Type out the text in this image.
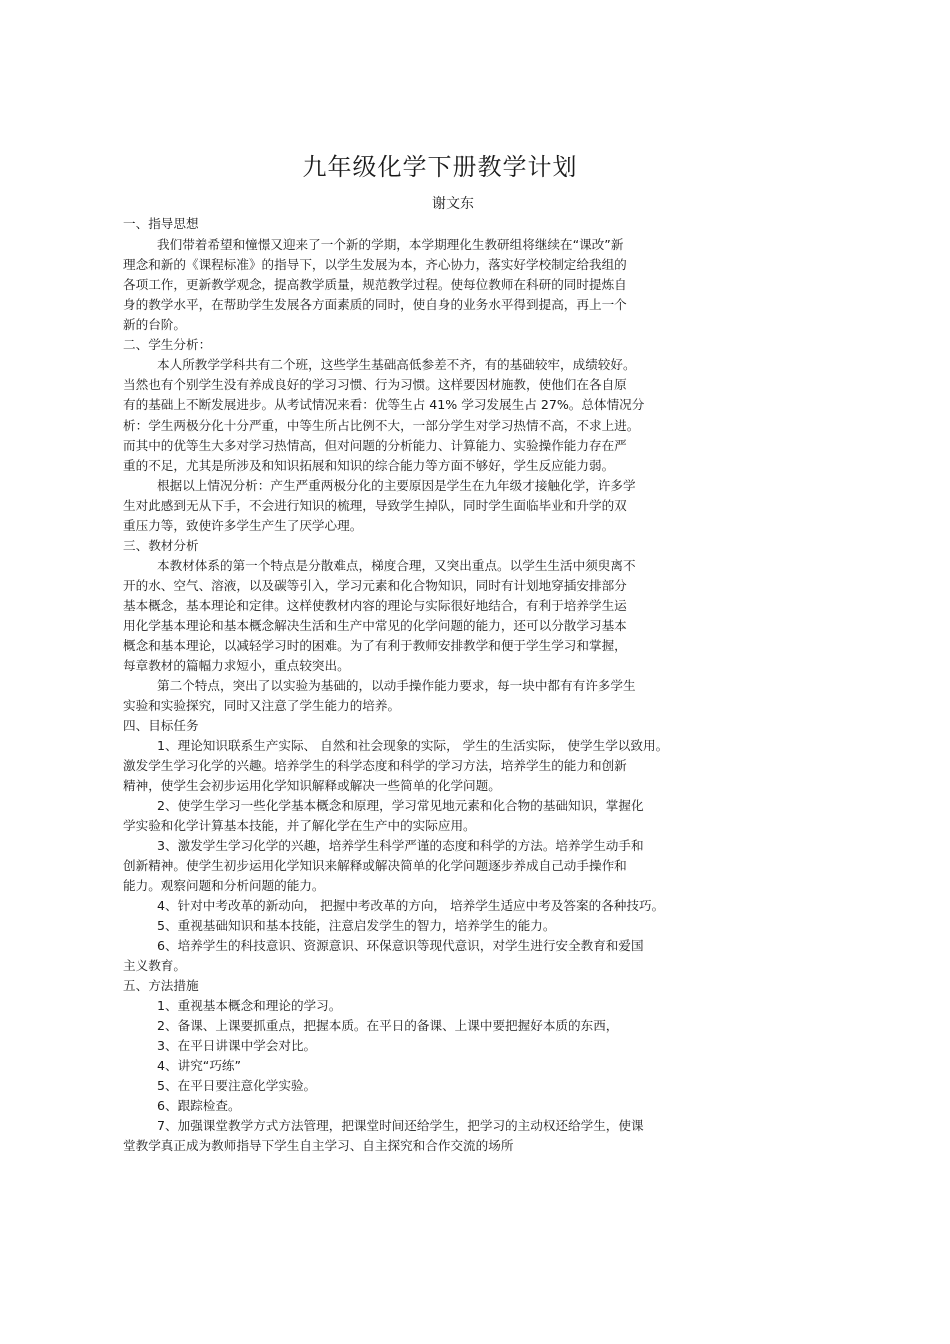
九年级化学下册教学计划
谢文东
一、指导思想
我们带着希望和憧憬又迎来了一个新的学期，本学期理化生教研组将继续在“课改”新
理念和新的《课程标准》的指导下，以学生发展为本，齐心协力，落实好学校制定给我组的
各项工作，更新教学观念，提高教学质量，规范教学过程。使每位教师在科研的同时提炼自
身的教学水平，在帮助学生发展各方面素质的同时，使自身的业务水平得到提高，再上一个
新的台阶。
二、学生分析：
本人所教学学科共有二个班，这些学生基础高低参差不齐，有的基础较牢，成绩较好。
当然也有个别学生没有养成良好的学习习惯、行为习惯。这样要因材施教，使他们在各自原
有的基础上不断发展进步。从考试情况来看：优等生占 41% 学习发展生占 27%。总体情况分
析：学生两极分化十分严重，中等生所占比例不大，一部分学生对学习热情不高，不求上进。
而其中的优等生大多对学习热情高，但对问题的分析能力、计算能力、实验操作能力存在严
重的不足，尤其是所涉及和知识拓展和知识的综合能力等方面不够好，学生反应能力弱。
根据以上情况分析：产生严重两极分化的主要原因是学生在九年级才接触化学，许多学
生对此感到无从下手，不会进行知识的梳理，导致学生掉队，同时学生面临毕业和升学的双
重压力等，致使许多学生产生了厌学心理。
三、教材分析
本教材体系的第一个特点是分散难点，梯度合理，又突出重点。以学生生活中须臾离不
开的水、空气、溶液，以及碳等引入，学习元素和化合物知识，同时有计划地穿插安排部分
基本概念，基本理论和定律。这样使教材内容的理论与实际很好地结合，有利于培养学生运
用化学基本理论和基本概念解决生活和生产中常见的化学问题的能力，还可以分散学习基本
概念和基本理论，以减轻学习时的困难。为了有利于教师安排教学和便于学生学习和掌握，
每章教材的篇幅力求短小，重点较突出。
第二个特点，突出了以实验为基础的，以动手操作能力要求，每一块中都有有许多学生
实验和实验探究，同时又注意了学生能力的培养。
四、目标任务
1、理论知识联系生产实际、 自然和社会现象的实际， 学生的生活实际， 使学生学以致用。
激发学生学习化学的兴趣。培养学生的科学态度和科学的学习方法，培养学生的能力和创新
精神，使学生会初步运用化学知识解释或解决一些简单的化学问题。
2、使学生学习一些化学基本概念和原理，学习常见地元素和化合物的基础知识，掌握化
学实验和化学计算基本技能，并了解化学在生产中的实际应用。
3、激发学生学习化学的兴趣，培养学生科学严谨的态度和科学的方法。培养学生动手和
创新精神。使学生初步运用化学知识来解释或解决简单的化学问题逐步养成自己动手操作和
能力。观察问题和分析问题的能力。
4、针对中考改革的新动向， 把握中考改革的方向， 培养学生适应中考及答案的各种技巧。
5、重视基础知识和基本技能，注意启发学生的智力，培养学生的能力。
6、培养学生的科技意识、资源意识、环保意识等现代意识，对学生进行安全教育和爱国
主义教育。
五、方法措施
1、重视基本概念和理论的学习。
2、备课、上课要抓重点，把握本质。在平日的备课、上课中要把握好本质的东西，
3、在平日讲课中学会对比。
4、讲究“巧练”
5、在平日要注意化学实验。
6、跟踪检查。
7、加强课堂教学方式方法管理，把课堂时间还给学生，把学习的主动权还给学生，使课
堂教学真正成为教师指导下学生自主学习、自主探究和合作交流的场所
